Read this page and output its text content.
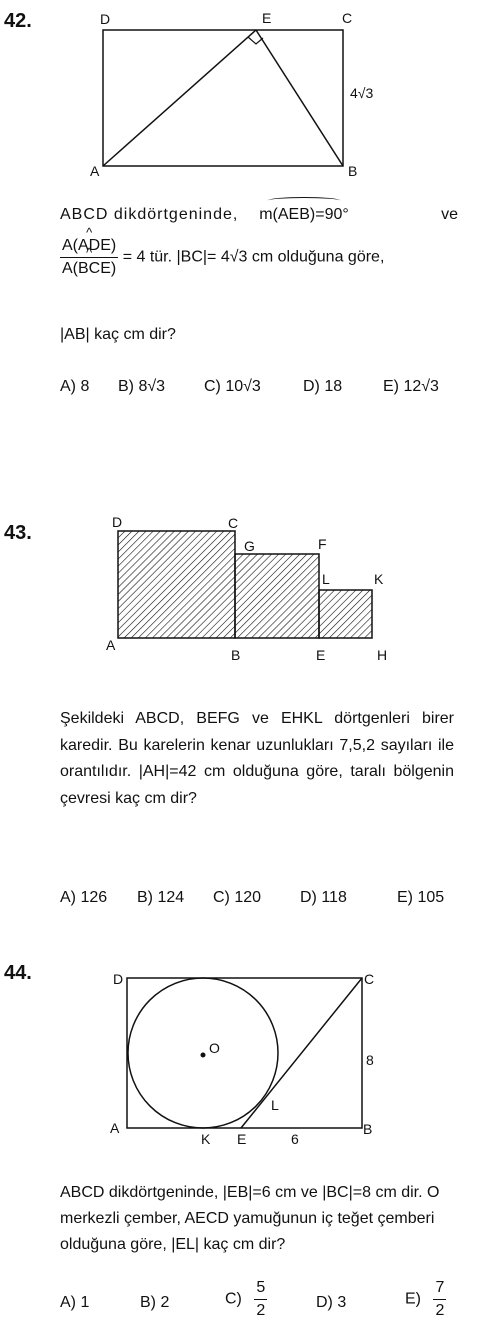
42.	D	E	C
A	B
4√3
ABCD dikdörtgeninde, m(AEB)=90°	ve
^ A(ADE)
^ A(BCE) = 4 tür. |BC|= 4√3 cm olduğuna göre,
|AB| kaç cm dir?
A) 8 B) 8√3 C) 10√3	D) 18	E) 12√3
43.	D	C
G	F
L	K
A
B	E	H
Şekildeki ABCD, BEFG ve EHKL dörtgenleri birer karedir. Bu karelerin kenar uzunlukları 7,5,2 sayıları ile orantılıdır. |AH|=42 cm olduğuna göre, taralı bölgenin çevresi kaç cm dir?
A) 126 B) 124 C) 120 D) 118	E) 105
44.	D	C
O
8
L
A
K E	6
B
ABCD dikdörtgeninde, |EB|=6 cm ve |BC|=8 cm dir. O merkezli çember, AECD yamuğunun iç teğet çemberi olduğuna göre, |EL| kaç cm dir?
A) 1	B) 2	$C) \frac{5}{2}$	D) 3	$E) \frac{7}{2}$
